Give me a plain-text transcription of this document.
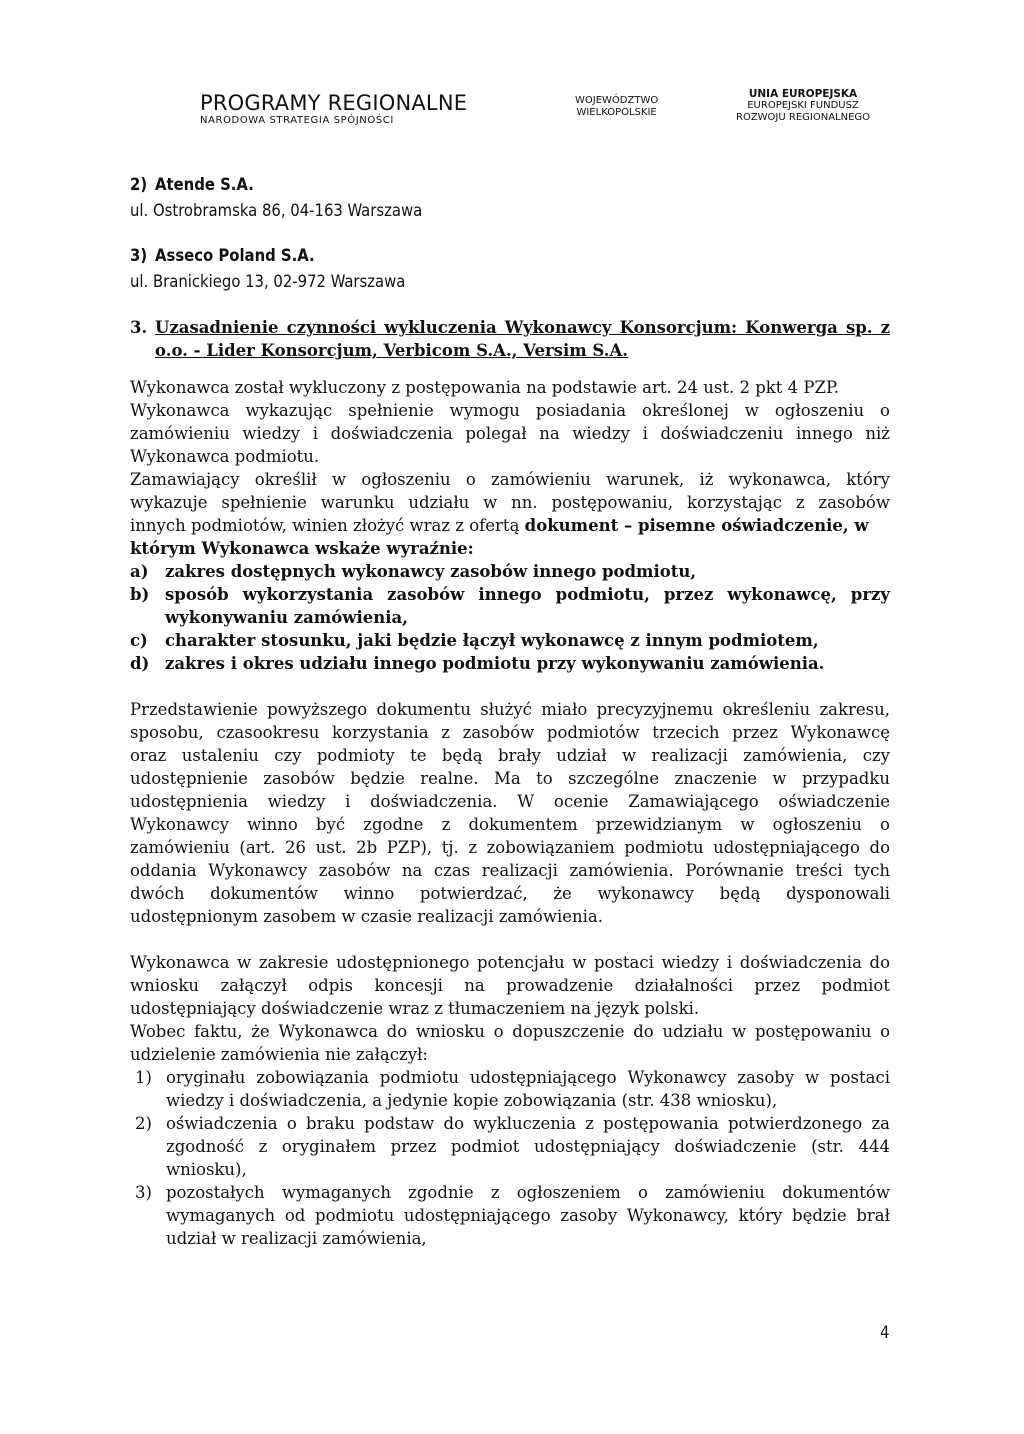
PROGRAMY REGIONALNE
NARODOWA STRATEGIA SPÓJNOŚCI
WOJEWÓDZTWO
WIELKOPOLSKIE
UNIA EUROPEJSKA
EUROPEJSKI FUNDUSZ
ROZWOJU REGIONALNEGO
2) Atende S.A.
ul. Ostrobramska 86, 04-163 Warszawa
3) Asseco Poland S.A.
ul. Branickiego 13, 02-972 Warszawa
3. Uzasadnienie czynności wykluczenia Wykonawcy Konsorcjum: Konwerga sp. z
o.o. - Lider Konsorcjum, Verbicom S.A., Versim S.A.
Wykonawca został wykluczony z postępowania na podstawie art. 24 ust. 2 pkt 4 PZP.
Wykonawca wykazując spełnienie wymogu posiadania określonej w ogłoszeniu o
zamówieniu wiedzy i doświadczenia polegał na wiedzy i doświadczeniu innego niż
Wykonawca podmiotu.
Zamawiający określił w ogłoszeniu o zamówieniu warunek, iż wykonawca, który
wykazuje spełnienie warunku udziału w nn. postępowaniu, korzystając z zasobów
innych podmiotów, winien złożyć wraz z ofertą dokument – pisemne oświadczenie, w
którym Wykonawca wskaże wyraźnie:
a) zakres dostępnych wykonawcy zasobów innego podmiotu,
b) sposób wykorzystania zasobów innego podmiotu, przez wykonawcę, przy
wykonywaniu zamówienia,
c) charakter stosunku, jaki będzie łączył wykonawcę z innym podmiotem,
d) zakres i okres udziału innego podmiotu przy wykonywaniu zamówienia.
Przedstawienie powyższego dokumentu służyć miało precyzyjnemu określeniu zakresu,
sposobu, czasookresu korzystania z zasobów podmiotów trzecich przez Wykonawcę
oraz ustaleniu czy podmioty te będą brały udział w realizacji zamówienia, czy
udostępnienie zasobów będzie realne. Ma to szczególne znaczenie w przypadku
udostępnienia wiedzy i doświadczenia. W ocenie Zamawiającego oświadczenie
Wykonawcy winno być zgodne z dokumentem przewidzianym w ogłoszeniu o
zamówieniu (art. 26 ust. 2b PZP), tj. z zobowiązaniem podmiotu udostępniającego do
oddania Wykonawcy zasobów na czas realizacji zamówienia. Porównanie treści tych
dwóch dokumentów winno potwierdzać, że wykonawcy będą dysponowali
udostępnionym zasobem w czasie realizacji zamówienia.
Wykonawca w zakresie udostępnionego potencjału w postaci wiedzy i doświadczenia do
wniosku załączył odpis koncesji na prowadzenie działalności przez podmiot
udostępniający doświadczenie wraz z tłumaczeniem na język polski.
Wobec faktu, że Wykonawca do wniosku o dopuszczenie do udziału w postępowaniu o
udzielenie zamówienia nie załączył:
1) oryginału zobowiązania podmiotu udostępniającego Wykonawcy zasoby w postaci
wiedzy i doświadczenia, a jedynie kopie zobowiązania (str. 438 wniosku),
2) oświadczenia o braku podstaw do wykluczenia z postępowania potwierdzonego za
zgodność z oryginałem przez podmiot udostępniający doświadczenie (str. 444
wniosku),
3) pozostałych wymaganych zgodnie z ogłoszeniem o zamówieniu dokumentów
wymaganych od podmiotu udostępniającego zasoby Wykonawcy, który będzie brał
udział w realizacji zamówienia,
4
